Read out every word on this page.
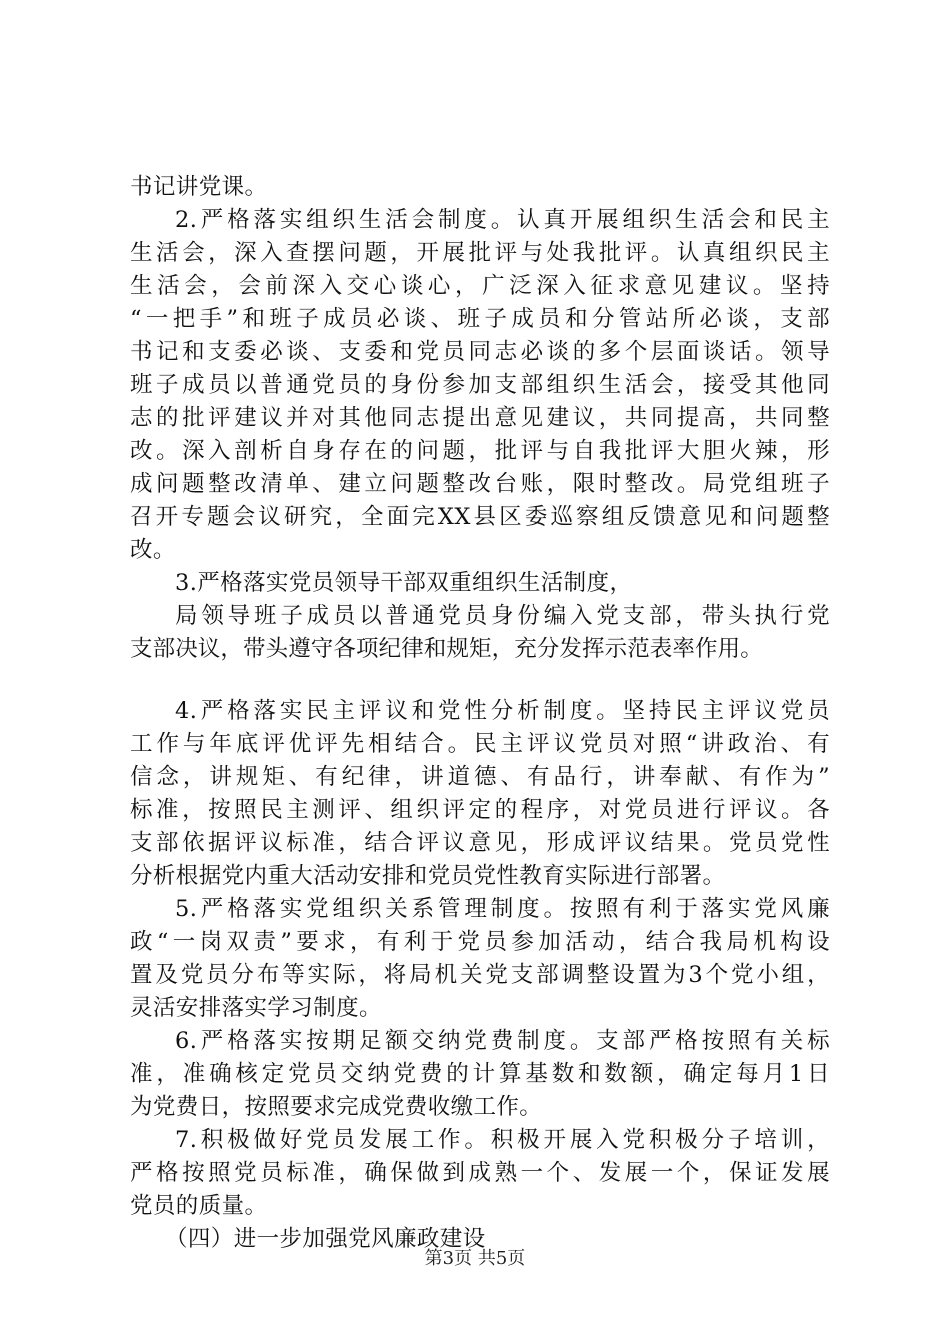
书记讲党课。
2.严格落实组织生活会制度。认真开展组织生活会和民主
生活会，深入查摆问题，开展批评与处我批评。认真组织民主
生活会，会前深入交心谈心，广泛深入征求意见建议。坚持
“一把手”和班子成员必谈、班子成员和分管站所必谈，支部
书记和支委必谈、支委和党员同志必谈的多个层面谈话。领导
班子成员以普通党员的身份参加支部组织生活会，接受其他同
志的批评建议并对其他同志提出意见建议，共同提高，共同整
改。深入剖析自身存在的问题，批评与自我批评大胆火辣，形
成问题整改清单、建立问题整改台账，限时整改。局党组班子
召开专题会议研究，全面完XX县区委巡察组反馈意见和问题整
改。
3.严格落实党员领导干部双重组织生活制度，
局领导班子成员以普通党员身份编入党支部，带头执行党
支部决议，带头遵守各项纪律和规矩，充分发挥示范表率作用。
4.严格落实民主评议和党性分析制度。坚持民主评议党员
工作与年底评优评先相结合。民主评议党员对照“讲政治、有
信念，讲规矩、有纪律，讲道德、有品行，讲奉献、有作为”
标准，按照民主测评、组织评定的程序，对党员进行评议。各
支部依据评议标准，结合评议意见，形成评议结果。党员党性
分析根据党内重大活动安排和党员党性教育实际进行部署。
5.严格落实党组织关系管理制度。按照有利于落实党风廉
政“一岗双责”要求，有利于党员参加活动，结合我局机构设
置及党员分布等实际，将局机关党支部调整设置为3个党小组，
灵活安排落实学习制度。
6.严格落实按期足额交纳党费制度。支部严格按照有关标
准，准确核定党员交纳党费的计算基数和数额，确定每月1日
为党费日，按照要求完成党费收缴工作。
7.积极做好党员发展工作。积极开展入党积极分子培训，
严格按照党员标准，确保做到成熟一个、发展一个，保证发展
党员的质量。
（四）进一步加强党风廉政建设
第3页 共5页
